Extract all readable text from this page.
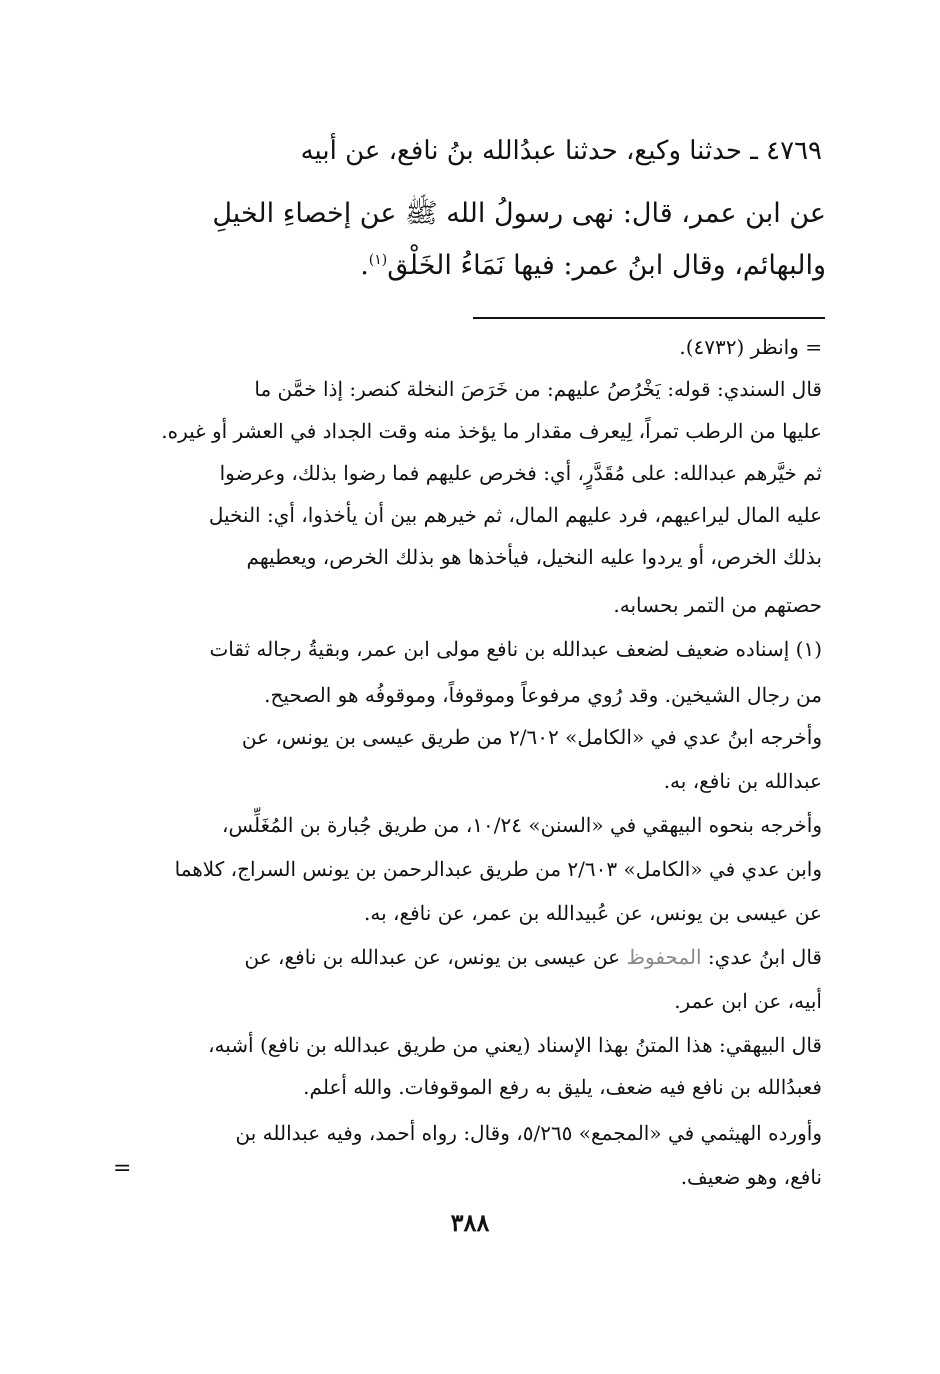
٤٧٦٩ ـ حدثنا وكيع، حدثنا عبدُالله بنُ نافع، عن أبيه
عن ابن عمر، قال: نهى رسولُ الله ﷺ عن إخصاءِ الخيلِ
والبهائم، وقال ابنُ عمر: فيها نَمَاءُ الخَلْق$^{(١)}$.
= وانظر (٤٧٣٢).
قال السندي: قوله: يَخْرُصُ عليهم: من خَرَصَ النخلة كنصر: إذا خمَّن ما
عليها من الرطب تمراً، لِيعرف مقدار ما يؤخذ منه وقت الجداد في العشر أو غيره.
ثم خيَّرهم عبدالله: على مُقَدَّرٍ، أي: فخرص عليهم فما رضوا بذلك، وعرضوا
عليه المال ليراعيهم، فرد عليهم المال، ثم خيرهم بين أن يأخذوا، أي: النخيل
بذلك الخرص، أو يردوا عليه النخيل، فيأخذها هو بذلك الخرص، ويعطيهم
حصتهم من التمر بحسابه.
(١) إسناده ضعيف لضعف عبدالله بن نافع مولى ابن عمر، وبقيةُ رجاله ثقات
من رجال الشيخين. وقد رُوي مرفوعاً وموقوفاً، وموقوفُه هو الصحيح.
وأخرجه ابنُ عدي في «الكامل» ٢/٦٠٢ من طريق عيسى بن يونس، عن
عبدالله بن نافع، به.
وأخرجه بنحوه البيهقي في «السنن» ١٠/٢٤، من طريق جُبارة بن المُغَلِّس،
وابن عدي في «الكامل» ٢/٦٠٣ من طريق عبدالرحمن بن يونس السراج، كلاهما
عن عيسى بن يونس، عن عُبيدالله بن عمر، عن نافع، به.
قال ابنُ عدي: المحفوظ عن عيسى بن يونس، عن عبدالله بن نافع، عن
أبيه، عن ابن عمر.
قال البيهقي: هذا المتنُ بهذا الإسناد (يعني من طريق عبدالله بن نافع) أشبه،
فعبدُالله بن نافع فيه ضعف، يليق به رفع الموقوفات. والله أعلم.
وأورده الهيثمي في «المجمع» ٥/٢٦٥، وقال: رواه أحمد، وفيه عبدالله بن
=	نافع، وهو ضعيف.
٣٨٨
